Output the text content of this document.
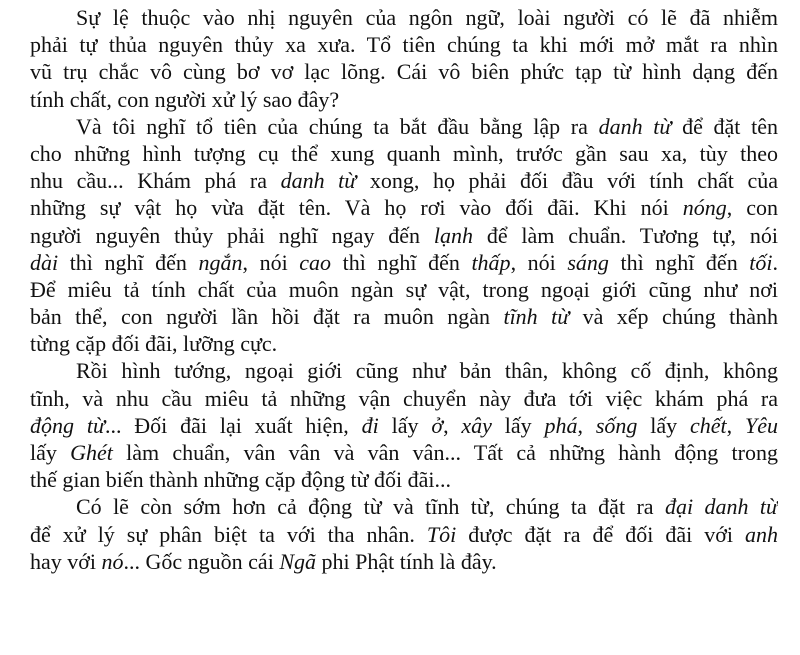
Sự lệ thuộc vào nhị nguyên của ngôn ngữ, loài người có lẽ đã nhiễm
phải tự thủa nguyên thủy xa xưa. Tổ tiên chúng ta khi mới mở mắt ra nhìn
vũ trụ chắc vô cùng bơ vơ lạc lõng. Cái vô biên phức tạp từ hình dạng đến
tính chất, con người xử lý sao đây?
Và tôi nghĩ tổ tiên của chúng ta bắt đầu bằng lập ra danh từ để đặt tên
cho những hình tượng cụ thể xung quanh mình, trước gần sau xa, tùy theo
nhu cầu... Khám phá ra danh từ xong, họ phải đối đầu với tính chất của
những sự vật họ vừa đặt tên. Và họ rơi vào đối đãi. Khi nói nóng, con
người nguyên thủy phải nghĩ ngay đến lạnh để làm chuẩn. Tương tự, nói
dài thì nghĩ đến ngắn, nói cao thì nghĩ đến thấp, nói sáng thì nghĩ đến tối.
Để miêu tả tính chất của muôn ngàn sự vật, trong ngoại giới cũng như nơi
bản thể, con người lần hồi đặt ra muôn ngàn tĩnh từ và xếp chúng thành
từng cặp đối đãi, lưỡng cực.
Rồi hình tướng, ngoại giới cũng như bản thân, không cố định, không
tĩnh, và nhu cầu miêu tả những vận chuyển này đưa tới việc khám phá ra
động từ... Đối đãi lại xuất hiện, đi lấy ở, xây lấy phá, sống lấy chết, Yêu
lấy Ghét làm chuẩn, vân vân và vân vân... Tất cả những hành động trong
thế gian biến thành những cặp động từ đối đãi...
Có lẽ còn sớm hơn cả động từ và tĩnh từ, chúng ta đặt ra đại danh từ
để xử lý sự phân biệt ta với tha nhân. Tôi được đặt ra để đối đãi với anh
hay với nó... Gốc nguồn cái Ngã phi Phật tính là đây.
